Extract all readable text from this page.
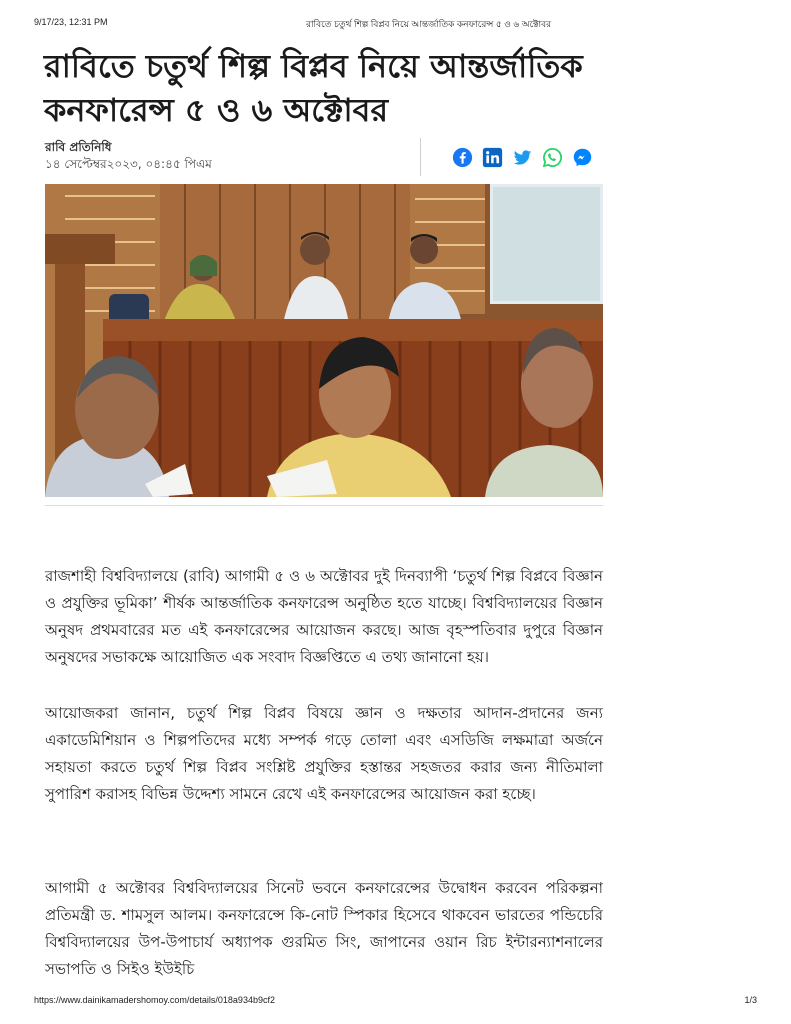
9/17/23, 12:31 PM	রাবিতে চতুর্থ শিল্প বিপ্লব নিয়ে আন্তর্জাতিক কনফারেন্স ৫ ও ৬ অক্টোবর
রাবিতে চতুর্থ শিল্প বিপ্লব নিয়ে আন্তর্জাতিক কনফারেন্স ৫ ও ৬ অক্টোবর
রাবি প্রতিনিধি
১৪ সেপ্টেম্বর২০২৩, ০৪:৪৫ পিএম

রাজশাহী বিশ্ববিদ্যালয়ে (রাবি) আগামী ৫ ও ৬ অক্টোবর দুই দিনব্যাপী ‘চতুর্থ শিল্প বিপ্লবে বিজ্ঞান ও প্রযুক্তির ভূমিকা’ শীর্ষক আন্তর্জাতিক কনফারেন্স অনুষ্ঠিত হতে যাচ্ছে। বিশ্ববিদ্যালয়ের বিজ্ঞান অনুষদ প্রথমবারের মত এই কনফারেন্সের আয়োজন করছে। আজ বৃহস্পতিবার দুপুরে বিজ্ঞান অনুষদের সভাকক্ষে আয়োজিত এক সংবাদ বিজ্ঞপ্তিতে এ তথ্য জানানো হয়।

আয়োজকরা জানান, চতুর্থ শিল্প বিপ্লব বিষয়ে জ্ঞান ও দক্ষতার আদান-প্রদানের জন্য একাডেমিশিয়ান ও শিল্পপতিদের মধ্যে সম্পর্ক গড়ে তোলা এবং এসডিজি লক্ষমাত্রা অর্জনে সহায়তা করতে চতুর্থ শিল্প বিপ্লব সংশ্লিষ্ট প্রযুক্তির হস্তান্তর সহজতর করার জন্য নীতিমালা সুপারিশ করাসহ বিভিন্ন উদ্দেশ্য সামনে রেখে এই কনফারেন্সের আয়োজন করা হচ্ছে।

আগামী ৫ অক্টোবর বিশ্ববিদ্যালয়ের সিনেট ভবনে কনফারেন্সের উদ্বোধন করবেন পরিকল্পনা প্রতিমন্ত্রী ড. শামসুল আলম। কনফারেন্সে কি-নোট স্পিকার হিসেবে থাকবেন ভারতের পন্ডিচেরি বিশ্ববিদ্যালয়ের উপ-উপাচার্য অধ্যাপক গুরমিত সিং, জাপানের ওয়ান রিচ ইন্টারন্যাশনালের সভাপতি ও সিইও ইউইচি

https://www.dainikamadershomoy.com/details/018a934b9cf2	1/3
